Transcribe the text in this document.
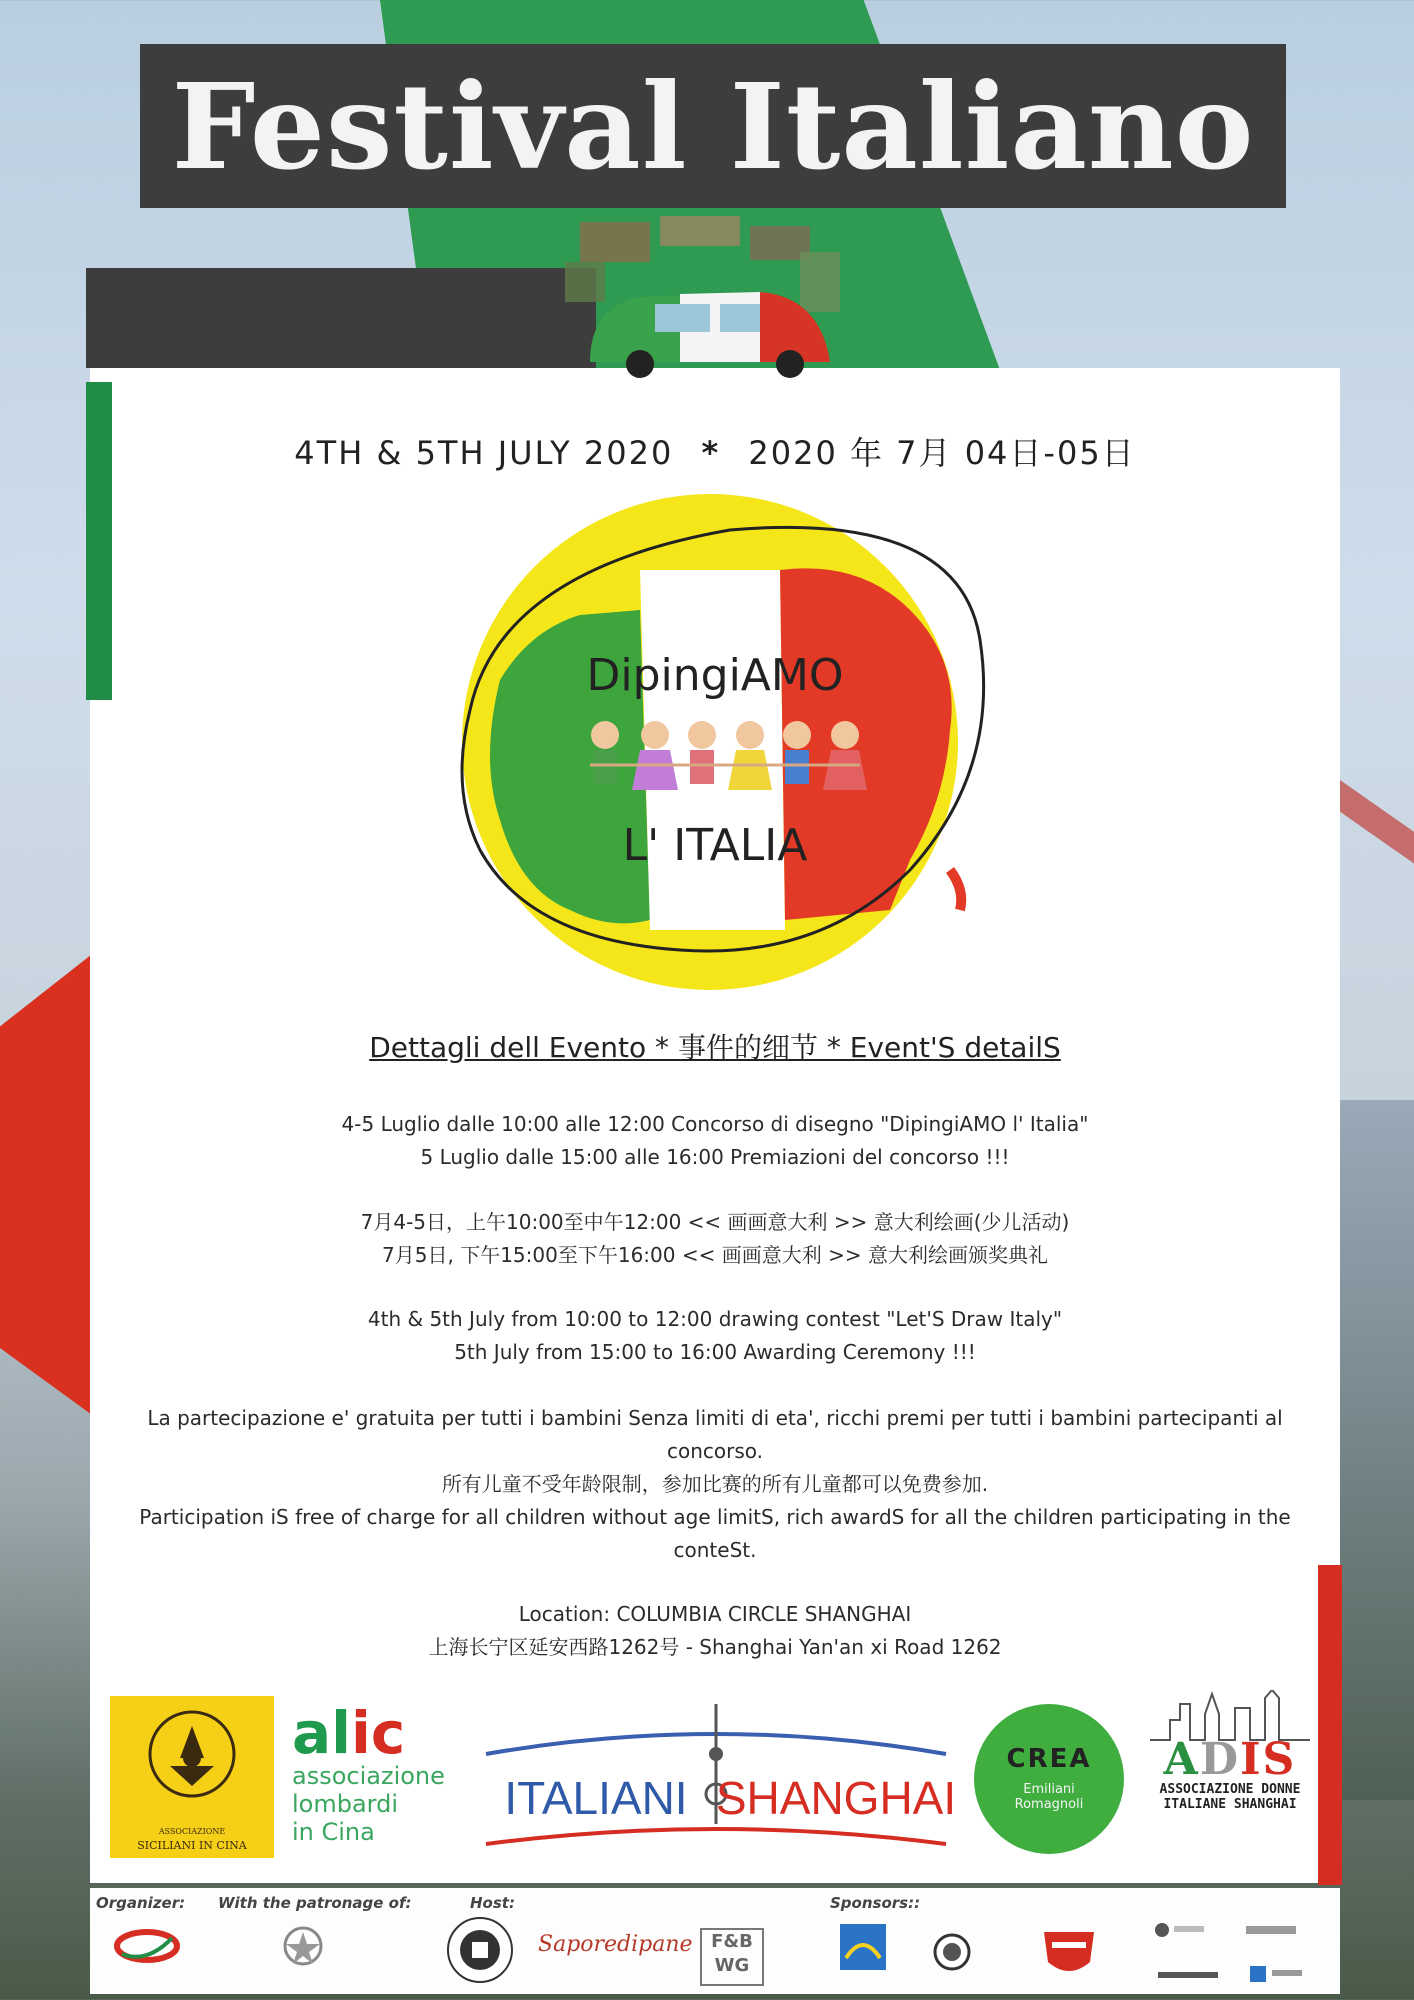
Festival Italiano
4TH & 5TH JULY 2020 * 2020 年 7月 04日-05日
DipingiAMO
L' ITALIA
Dettagli dell Evento * 事件的细节 * Event'S detailS

4-5 Luglio dalle 10:00 alle 12:00 Concorso di disegno "DipingiAMO l' Italia"

5 Luglio dalle 15:00 alle 16:00 Premiazioni del concorso !!!

7月4-5日，上午10:00至中午12:00 << 画画意大利 >> 意大利绘画(少儿活动)

7月5日, 下午15:00至下午16:00 << 画画意大利 >> 意大利绘画颁奖典礼

4th & 5th July from 10:00 to 12:00 drawing contest "Let'S Draw Italy"

5th July from 15:00 to 16:00 Awarding Ceremony !!!

La partecipazione e' gratuita per tutti i bambini Senza limiti di eta', ricchi premi per tutti i bambini partecipanti al concorso.

所有儿童不受年龄限制，参加比赛的所有儿童都可以免费参加.

Participation iS free of charge for all children without age limitS, rich awardS for all the children participating in the conteSt.

Location: COLUMBIA CIRCLE SHANGHAI

上海长宁区延安西路1262号 - Shanghai Yan'an xi Road 1262

ASSOCIAZIONE
SICILIANI IN CINA
alic
associazione
lombardi
in Cina
ITALIANI SHANGHAI
CREA
Emiliani
Romagnoli
ADIS
ASSOCIAZIONE DONNE
ITALIANE SHANGHAI
Organizer: With the patronage of:	Host:	Sponsors::
Saporedipane	F&B
WG
